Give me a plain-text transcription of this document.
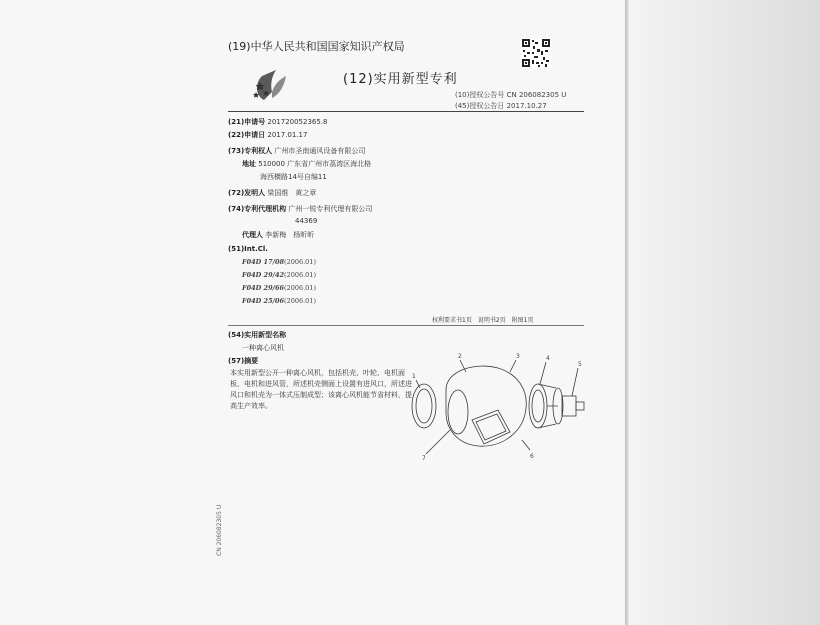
(19)中华人民共和国国家知识产权局
(12)实用新型专利
(10)授权公告号 CN 206082305 U
(45)授权公告日 2017.10.27
(21)申请号 201720052365.8
(22)申请日 2017.01.17
(73)专利权人 广州市圣南通风设备有限公司
地址 510000 广东省广州市荔湾区海北格
海西横路14号自编11
(72)发明人 梁国维　黄之章
(74)专利代理机构 广州一锐专利代理有限公司
44369
代理人 李新梅　杨昕昕
(51)Int.Cl.
F04D 17/08(2006.01)
F04D 29/42(2006.01)
F04D 29/66(2006.01)
F04D 25/06(2006.01)
权利要求书1页　说明书2页　附图1页
(54)实用新型名称
一种离心风机
(57)摘要
本实用新型公开一种离心风机，包括机壳、叶轮、电机面板、电机和进风管，所述机壳侧面上设置有进风口，所述进风口和机壳为一体式压制成型；该离心风机能节省材料，提高生产效率。
1
2	3	4
5
6
7
CN 206082305 U
